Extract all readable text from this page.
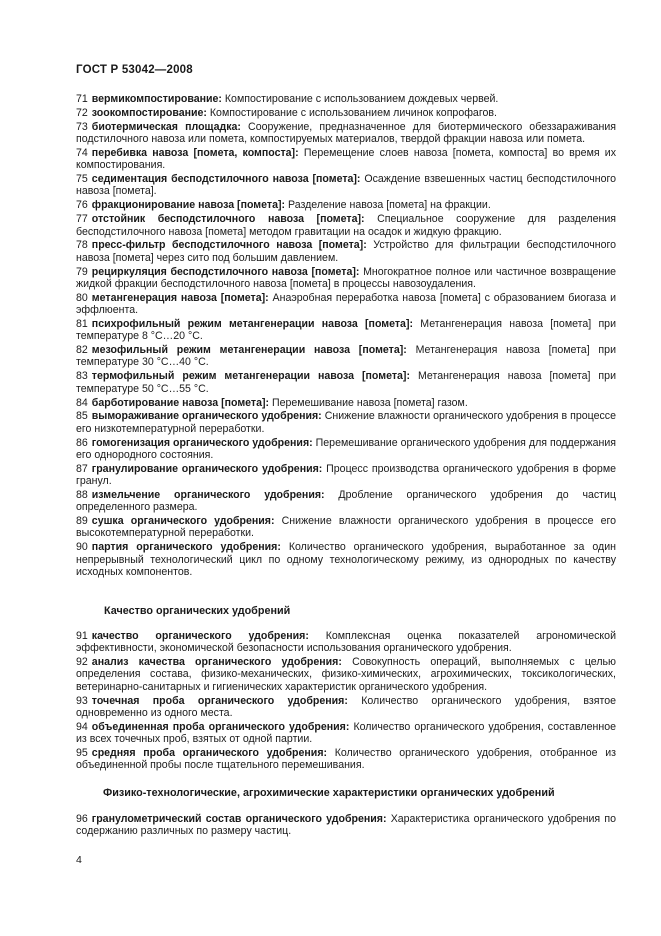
ГОСТ Р 53042—2008

71 вермикомпостирование: Компостирование с использованием дождевых червей.

72 зоокомпостирование: Компостирование с использованием личинок копрофагов.

73 биотермическая площадка: Сооружение, предназначенное для биотермического обеззараживания подстилочного навоза или помета, компостируемых материалов, твердой фракции навоза или помета.

74 перебивка навоза [помета, компоста]: Перемещение слоев навоза [помета, компоста] во время их компостирования.

75 седиментация бесподстилочного навоза [помета]: Осаждение взвешенных частиц бесподстилочного навоза [помета].

76 фракционирование навоза [помета]: Разделение навоза [помета] на фракции.

77 отстойник бесподстилочного навоза [помета]: Специальное сооружение для разделения бесподстилочного навоза [помета] методом гравитации на осадок и жидкую фракцию.

78 пресс-фильтр бесподстилочного навоза [помета]: Устройство для фильтрации бесподстилочного навоза [помета] через сито под большим давлением.

79 рециркуляция бесподстилочного навоза [помета]: Многократное полное или частичное возвращение жидкой фракции бесподстилочного навоза [помета] в процессы навозоудаления.

80 метангенерация навоза [помета]: Анаэробная переработка навоза [помета] с образованием биогаза и эффлюента.

81 психрофильный режим метангенерации навоза [помета]: Метангенерация навоза [помета] при температуре 8 °С…20 °С.

82 мезофильный режим метангенерации навоза [помета]: Метангенерация навоза [помета] при температуре 30 °С…40 °С.

83 термофильный режим метангенерации навоза [помета]: Метангенерация навоза [помета] при температуре 50 °С…55 °С.

84 барботирование навоза [помета]: Перемешивание навоза [помета] газом.

85 вымораживание органического удобрения: Снижение влажности органического удобрения в процессе его низкотемпературной переработки.

86 гомогенизация органического удобрения: Перемешивание органического удобрения для поддержания его однородного состояния.

87 гранулирование органического удобрения: Процесс производства органического удобрения в форме гранул.

88 измельчение органического удобрения: Дробление органического удобрения до частиц определенного размера.

89 сушка органического удобрения: Снижение влажности органического удобрения в процессе его высокотемпературной переработки.

90 партия органического удобрения: Количество органического удобрения, выработанное за один непрерывный технологический цикл по одному технологическому режиму, из однородных по качеству исходных компонентов.

Качество органических удобрений

91 качество органического удобрения: Комплексная оценка показателей агрономической эффективности, экономической безопасности использования органического удобрения.

92 анализ качества органического удобрения: Совокупность операций, выполняемых с целью определения состава, физико-механических, физико-химических, агрохимических, токсикологических, ветеринарно-санитарных и гигиенических характеристик органического удобрения.

93 точечная проба органического удобрения: Количество органического удобрения, взятое одновременно из одного места.

94 объединенная проба органического удобрения: Количество органического удобрения, составленное из всех точечных проб, взятых от одной партии.

95 средняя проба органического удобрения: Количество органического удобрения, отобранное из объединенной пробы после тщательного перемешивания.

Физико-технологические, агрохимические характеристики органических удобрений

96 гранулометрический состав органического удобрения: Характеристика органического удобрения по содержанию различных по размеру частиц.

4
